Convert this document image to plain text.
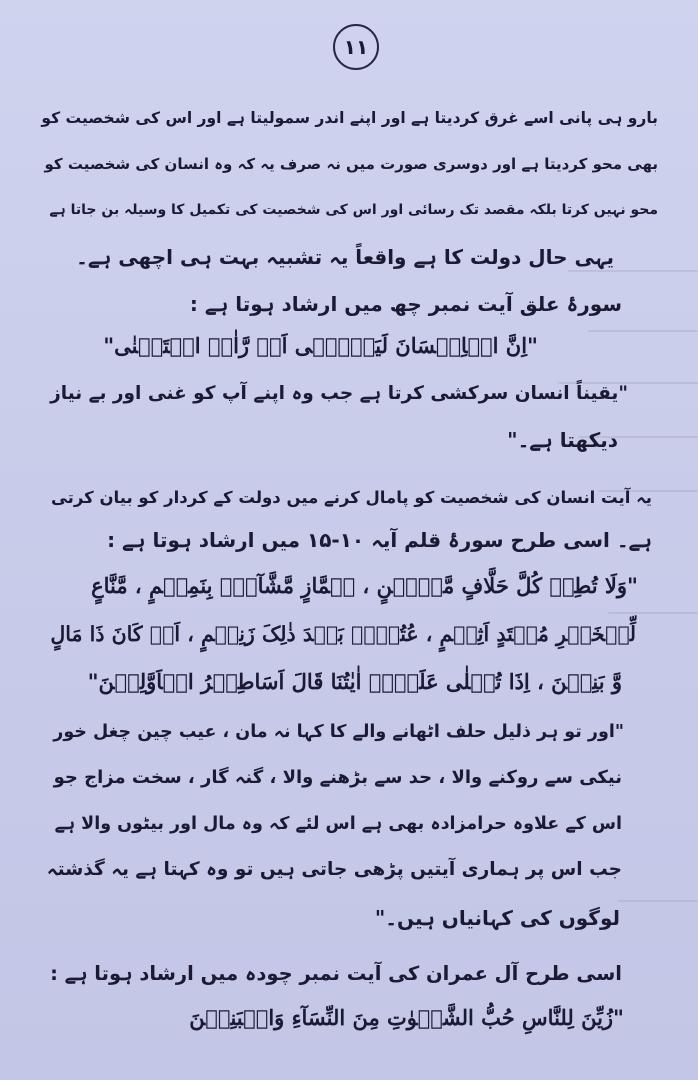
۱۱
بارو ہی پانی اسے غرق کردیتا ہے اور اپنے اندر سمولیتا ہے اور اس کی شخصیت کو
بھی محو کردیتا ہے اور دوسری صورت میں نہ صرف یہ کہ وہ انسان کی شخصیت کو
محو نہیں کرتا بلکہ مقصد تک رسائی اور اس کی شخصیت کی تکمیل کا وسیلہ بن جاتا ہے
یہی حال دولت کا ہے واقعاً یہ تشبیہ بہت ہی اچھی ہے۔
سورۂ علق آیت نمبر چھ میں ارشاد ہوتا ہے :
"اِنَّ الۡاِنۡسَانَ لَیَطۡغٰۤی اَنۡ رَّاٰہُ اسۡتَغۡنٰی"
"یقیناً انسان سرکشی کرتا ہے جب وہ اپنے آپ کو غنی اور بے نیاز
دیکھتا ہے۔"
یہ آیت انسان کی شخصیت کو پامال کرنے میں دولت کے کردار کو بیان کرتی
ہے۔ اسی طرح سورۂ قلم آیہ ۱۰-۱۵ میں ارشاد ہوتا ہے :
"وَلَا تُطِعۡ کُلَّ حَلَّافٍ مَّہِیۡنٍ ، ہَمَّازٍ مَّشَّآءٍۭ بِنَمِیۡمٍ ، مَّنَّاعٍ
لِّلۡخَیۡرِ مُعۡتَدٍ اَثِیۡمٍ ، عُتُلٍّۭ بَعۡدَ ذٰلِکَ زَنِیۡمٍ ، اَنۡ کَانَ ذَا مَالٍ
وَّ بَنِیۡنَ ، اِذَا تُتۡلٰی عَلَیۡہِ اٰیٰتُنَا قَالَ اَسَاطِیۡرُ الۡاَوَّلِیۡنَ"
"اور تو ہر ذلیل حلف اٹھانے والے کا کہا نہ مان ، عیب چین چغل خور
نیکی سے روکنے والا ، حد سے بڑھنے والا ، گنہ گار ، سخت مزاج جو
اس کے علاوہ حرامزادہ بھی ہے اس لئے کہ وہ مال اور بیٹوں والا ہے
جب اس پر ہماری آیتیں پڑھی جاتی ہیں تو وہ کہتا ہے یہ گذشتہ
لوگوں کی کہانیاں ہیں۔"
اسی طرح آل عمران کی آیت نمبر چودہ میں ارشاد ہوتا ہے :
"زُیِّنَ لِلنَّاسِ حُبُّ الشَّہَوٰتِ مِنَ النِّسَآءِ وَالۡبَنِیۡنَ
